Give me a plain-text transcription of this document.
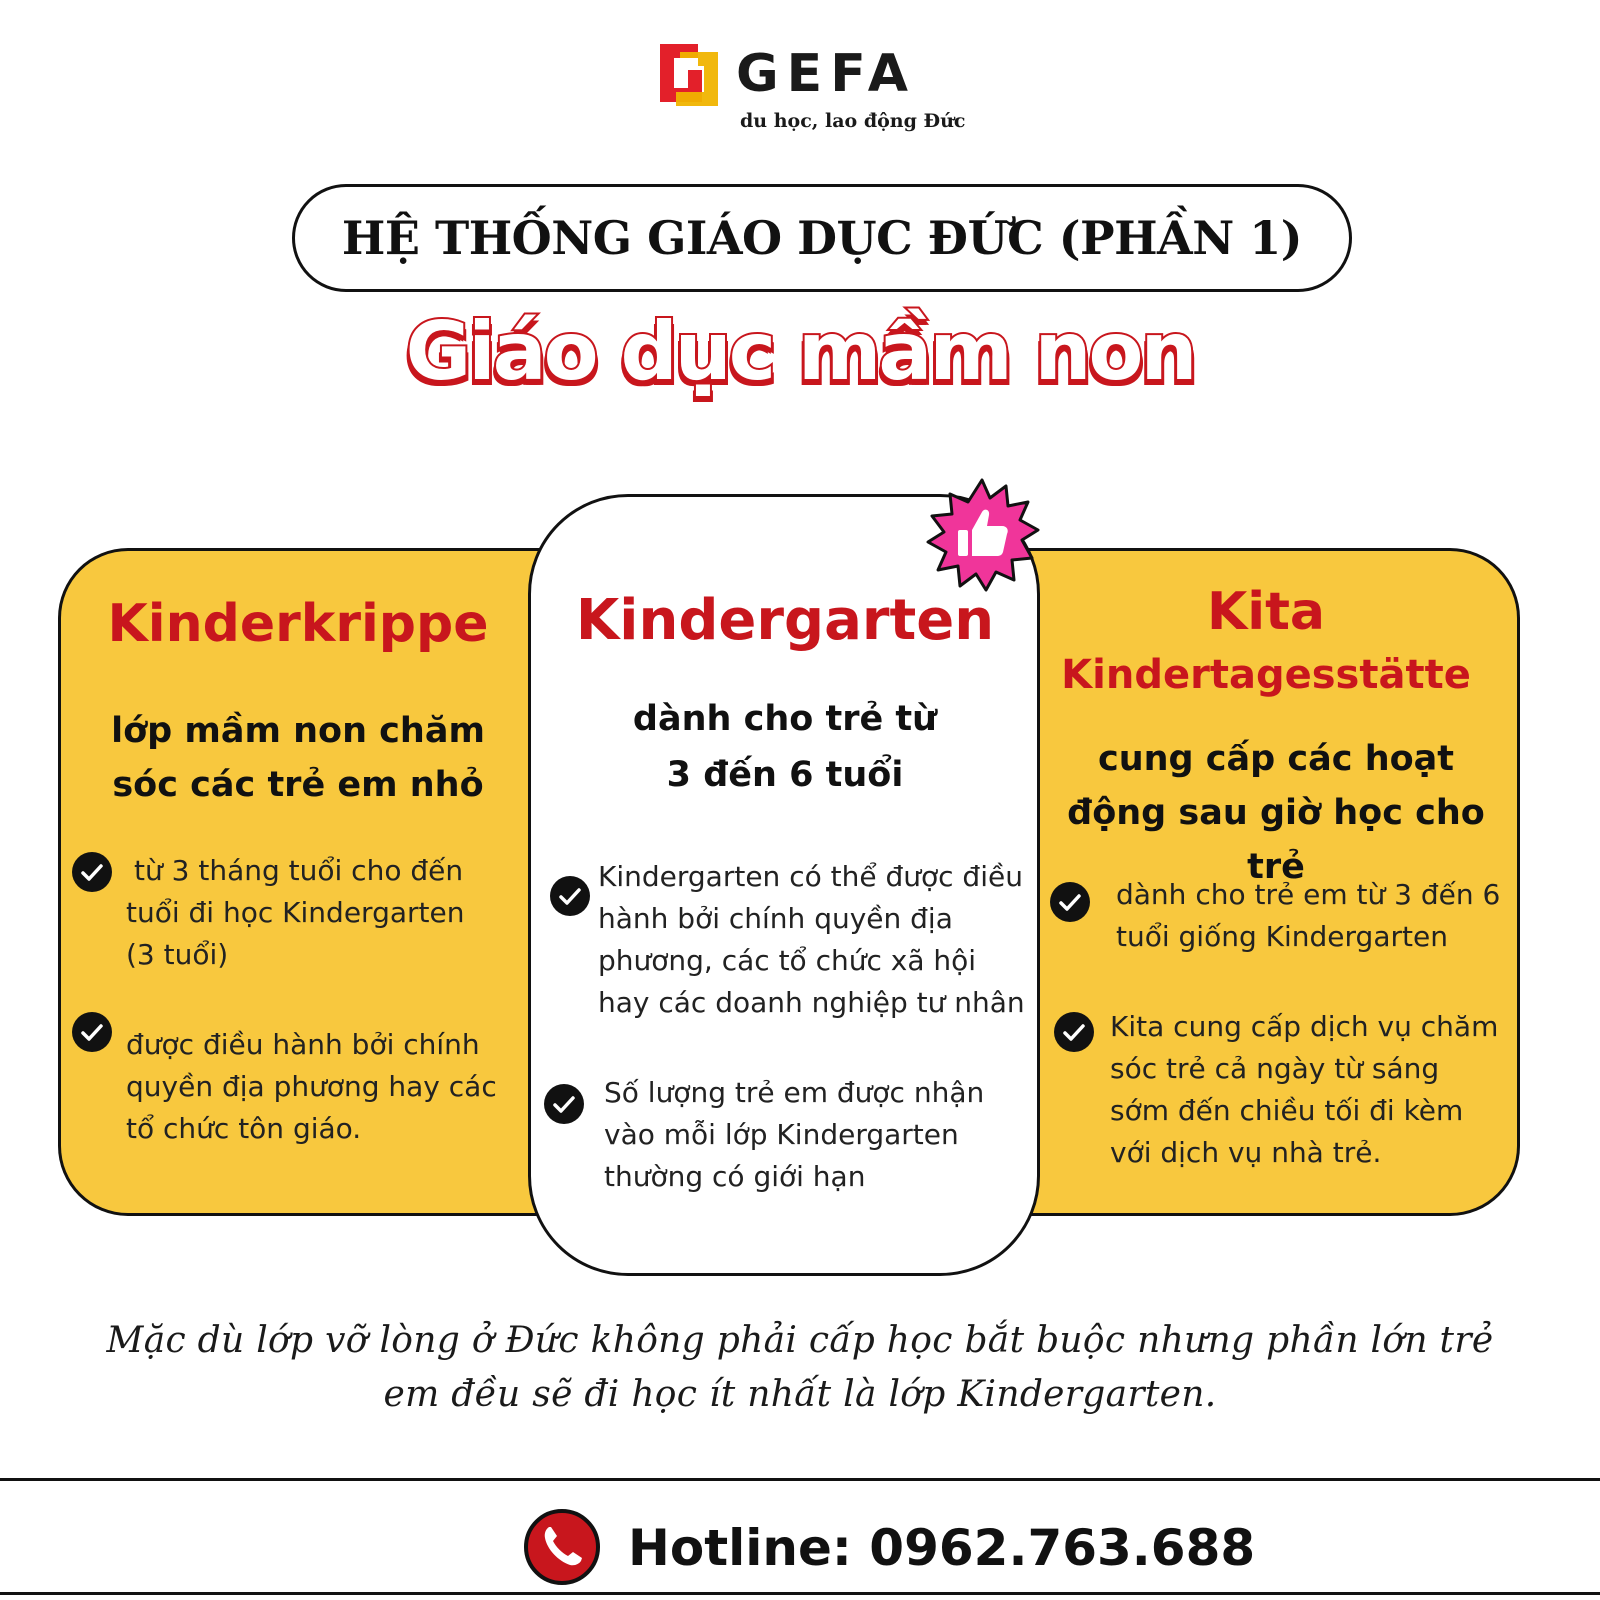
GEFA
du học, lao động Đức
HỆ THỐNG GIÁO DỤC ĐỨC (PHẦN 1)
Giáo dục mầm non
Kinderkrippe
lớp mầm non chăm sóc các trẻ em nhỏ
từ 3 tháng tuổi cho đến tuổi đi học Kindergarten (3 tuổi)
được điều hành bởi chính quyền địa phương hay các tổ chức tôn giáo.
Kita
Kindertagesstätte
cung cấp các hoạt động sau giờ học cho trẻ
dành cho trẻ em từ 3 đến 6 tuổi giống Kindergarten
Kita cung cấp dịch vụ chăm sóc trẻ cả ngày từ sáng sớm đến chiều tối đi kèm với dịch vụ nhà trẻ.
Kindergarten
dành cho trẻ từ
3 đến 6 tuổi
Kindergarten có thể được điều hành bởi chính quyền địa phương, các tổ chức xã hội hay các doanh nghiệp tư nhân
Số lượng trẻ em được nhận vào mỗi lớp Kindergarten thường có giới hạn
Mặc dù lớp vỡ lòng ở Đức không phải cấp học bắt buộc nhưng phần lớn trẻ em đều sẽ đi học ít nhất là lớp Kindergarten.
Hotline: 0962.763.688
